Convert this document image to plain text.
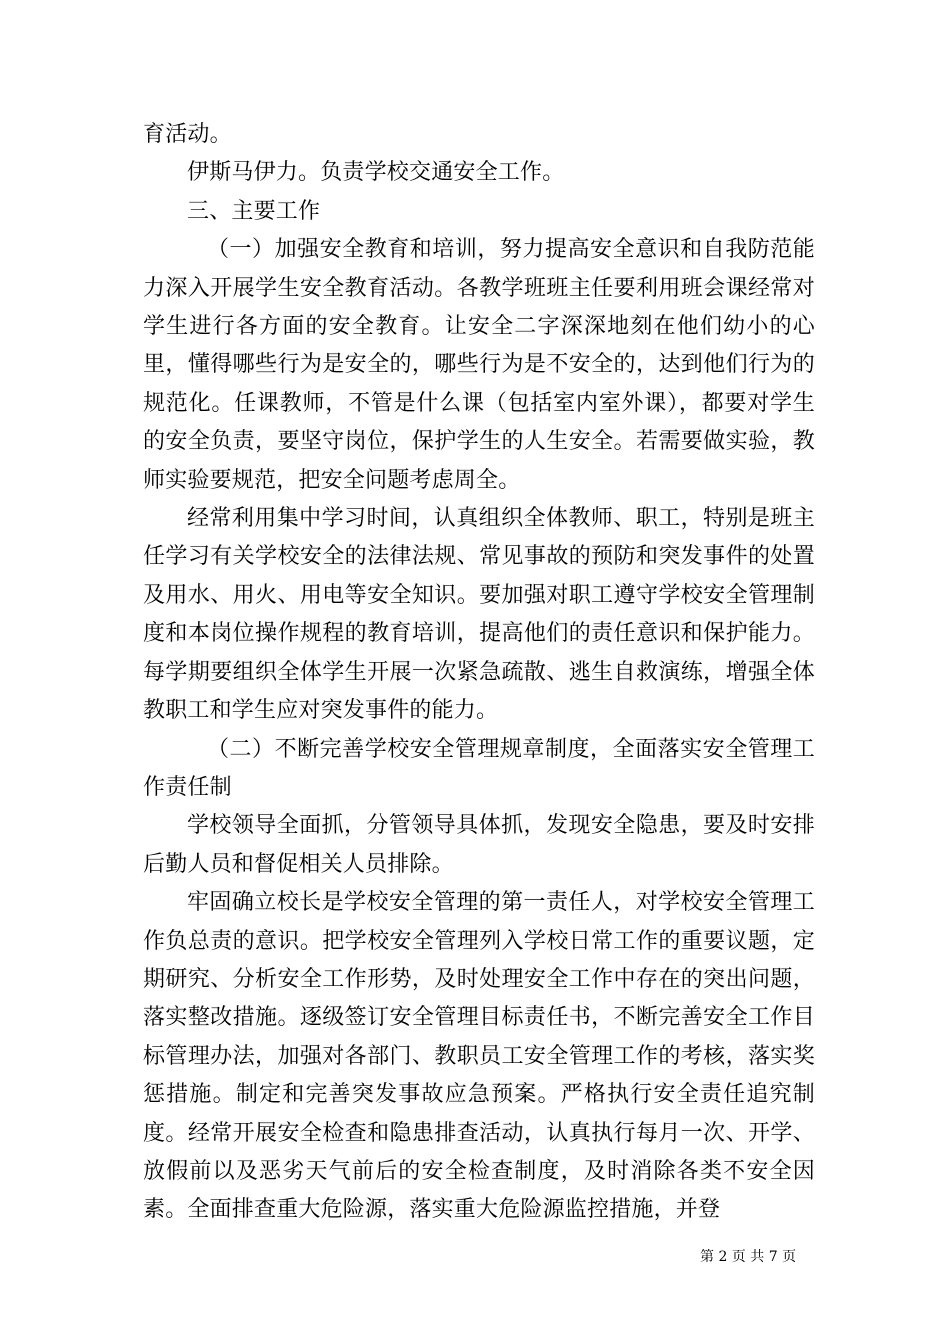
育活动。

伊斯马伊力。负责学校交通安全工作。

三、主要工作

（一）加强安全教育和培训，努力提高安全意识和自我防范能力深入开展学生安全教育活动。各教学班班主任要利用班会课经常对学生进行各方面的安全教育。让安全二字深深地刻在他们幼小的心里，懂得哪些行为是安全的，哪些行为是不安全的，达到他们行为的规范化。任课教师，不管是什么课（包括室内室外课），都要对学生的安全负责，要坚守岗位，保护学生的人生安全。若需要做实验，教师实验要规范，把安全问题考虑周全。

经常利用集中学习时间，认真组织全体教师、职工，特别是班主任学习有关学校安全的法律法规、常见事故的预防和突发事件的处置及用水、用火、用电等安全知识。要加强对职工遵守学校安全管理制度和本岗位操作规程的教育培训，提高他们的责任意识和保护能力。每学期要组织全体学生开展一次紧急疏散、逃生自救演练，增强全体教职工和学生应对突发事件的能力。

（二）不断完善学校安全管理规章制度，全面落实安全管理工作责任制

学校领导全面抓，分管领导具体抓，发现安全隐患，要及时安排后勤人员和督促相关人员排除。

牢固确立校长是学校安全管理的第一责任人，对学校安全管理工作负总责的意识。把学校安全管理列入学校日常工作的重要议题，定期研究、分析安全工作形势，及时处理安全工作中存在的突出问题，落实整改措施。逐级签订安全管理目标责任书，不断完善安全工作目标管理办法，加强对各部门、教职员工安全管理工作的考核，落实奖惩措施。制定和完善突发事故应急预案。严格执行安全责任追究制度。经常开展安全检查和隐患排查活动，认真执行每月一次、开学、放假前以及恶劣天气前后的安全检查制度，及时消除各类不安全因素。全面排查重大危险源，落实重大危险源监控措施，并登

第 2 页 共 7 页
